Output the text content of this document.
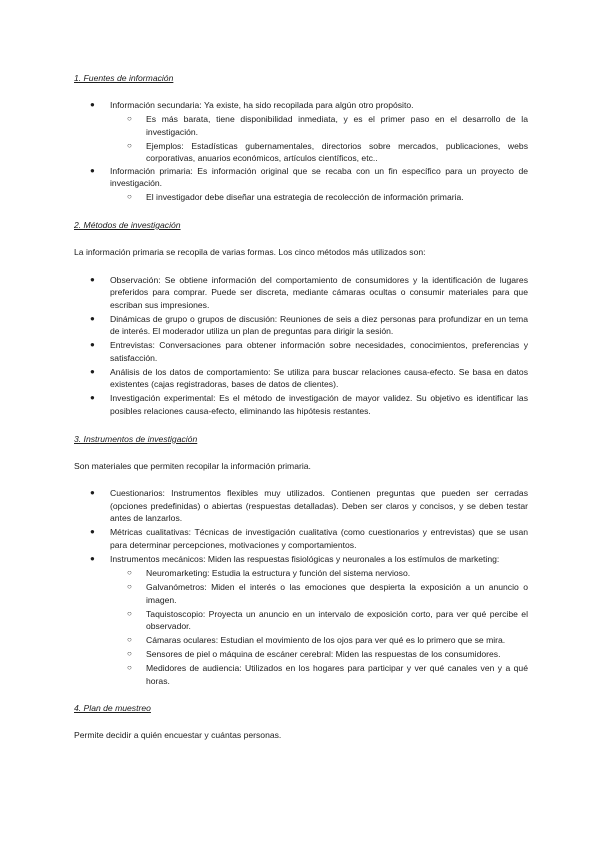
1. Fuentes de información
● Información secundaria: Ya existe, ha sido recopilada para algún otro propósito.
○ Es más barata, tiene disponibilidad inmediata, y es el primer paso en el desarrollo de la investigación.
○ Ejemplos: Estadísticas gubernamentales, directorios sobre mercados, publicaciones, webs corporativas, anuarios económicos, artículos científicos, etc..
● Información primaria: Es información original que se recaba con un fin específico para un proyecto de investigación.
○ El investigador debe diseñar una estrategia de recolección de información primaria.
2. Métodos de investigación
La información primaria se recopila de varias formas. Los cinco métodos más utilizados son:
● Observación: Se obtiene información del comportamiento de consumidores y la identificación de lugares preferidos para comprar. Puede ser discreta, mediante cámaras ocultas o consumir materiales para que escriban sus impresiones.
● Dinámicas de grupo o grupos de discusión: Reuniones de seis a diez personas para profundizar en un tema de interés. El moderador utiliza un plan de preguntas para dirigir la sesión.
● Entrevistas: Conversaciones para obtener información sobre necesidades, conocimientos, preferencias y satisfacción.
● Análisis de los datos de comportamiento: Se utiliza para buscar relaciones causa-efecto. Se basa en datos existentes (cajas registradoras, bases de datos de clientes).
● Investigación experimental: Es el método de investigación de mayor validez. Su objetivo es identificar las posibles relaciones causa-efecto, eliminando las hipótesis restantes.
3. Instrumentos de investigación
Son materiales que permiten recopilar la información primaria.
● Cuestionarios: Instrumentos flexibles muy utilizados. Contienen preguntas que pueden ser cerradas (opciones predefinidas) o abiertas (respuestas detalladas). Deben ser claros y concisos, y se deben testar antes de lanzarlos.
● Métricas cualitativas: Técnicas de investigación cualitativa (como cuestionarios y entrevistas) que se usan para determinar percepciones, motivaciones y comportamientos.
● Instrumentos mecánicos: Miden las respuestas fisiológicas y neuronales a los estímulos de marketing:
○ Neuromarketing: Estudia la estructura y función del sistema nervioso.
○ Galvanómetros: Miden el interés o las emociones que despierta la exposición a un anuncio o imagen.
○ Taquistoscopio: Proyecta un anuncio en un intervalo de exposición corto, para ver qué percibe el observador.
○ Cámaras oculares: Estudian el movimiento de los ojos para ver qué es lo primero que se mira.
○ Sensores de piel o máquina de escáner cerebral: Miden las respuestas de los consumidores.
○ Medidores de audiencia: Utilizados en los hogares para participar y ver qué canales ven y a qué horas.
4. Plan de muestreo
Permite decidir a quién encuestar y cuántas personas.
